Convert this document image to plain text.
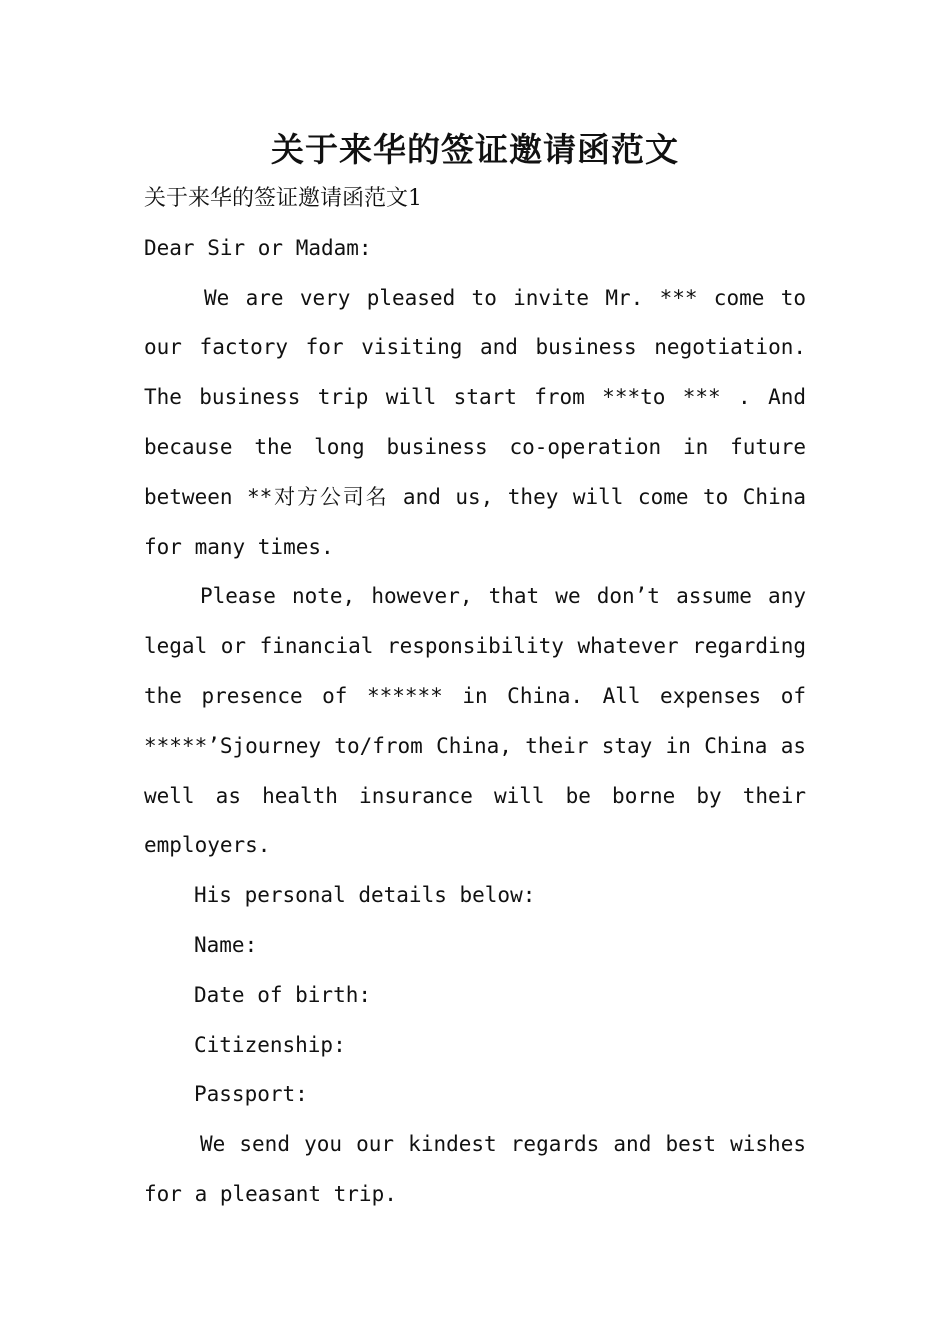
关于来华的签证邀请函范文

关于来华的签证邀请函范文1

Dear Sir or Madam:

We are very pleased to invite Mr. *** come to our factory for visiting and business negotiation. The business trip will start from ***to *** . And because the long business co-operation in future between **对方公司名 and us, they will come to China for many times.

Please note, however, that we don’t assume any legal or financial responsibility whatever regarding the presence of ****** in China. All expenses of *****’Sjourney to/from China, their stay in China as well as health insurance will be borne by their employers.

His personal details below:

Name:

Date of birth:

Citizenship:

Passport:

We send you our kindest regards and best wishes for a pleasant trip.
